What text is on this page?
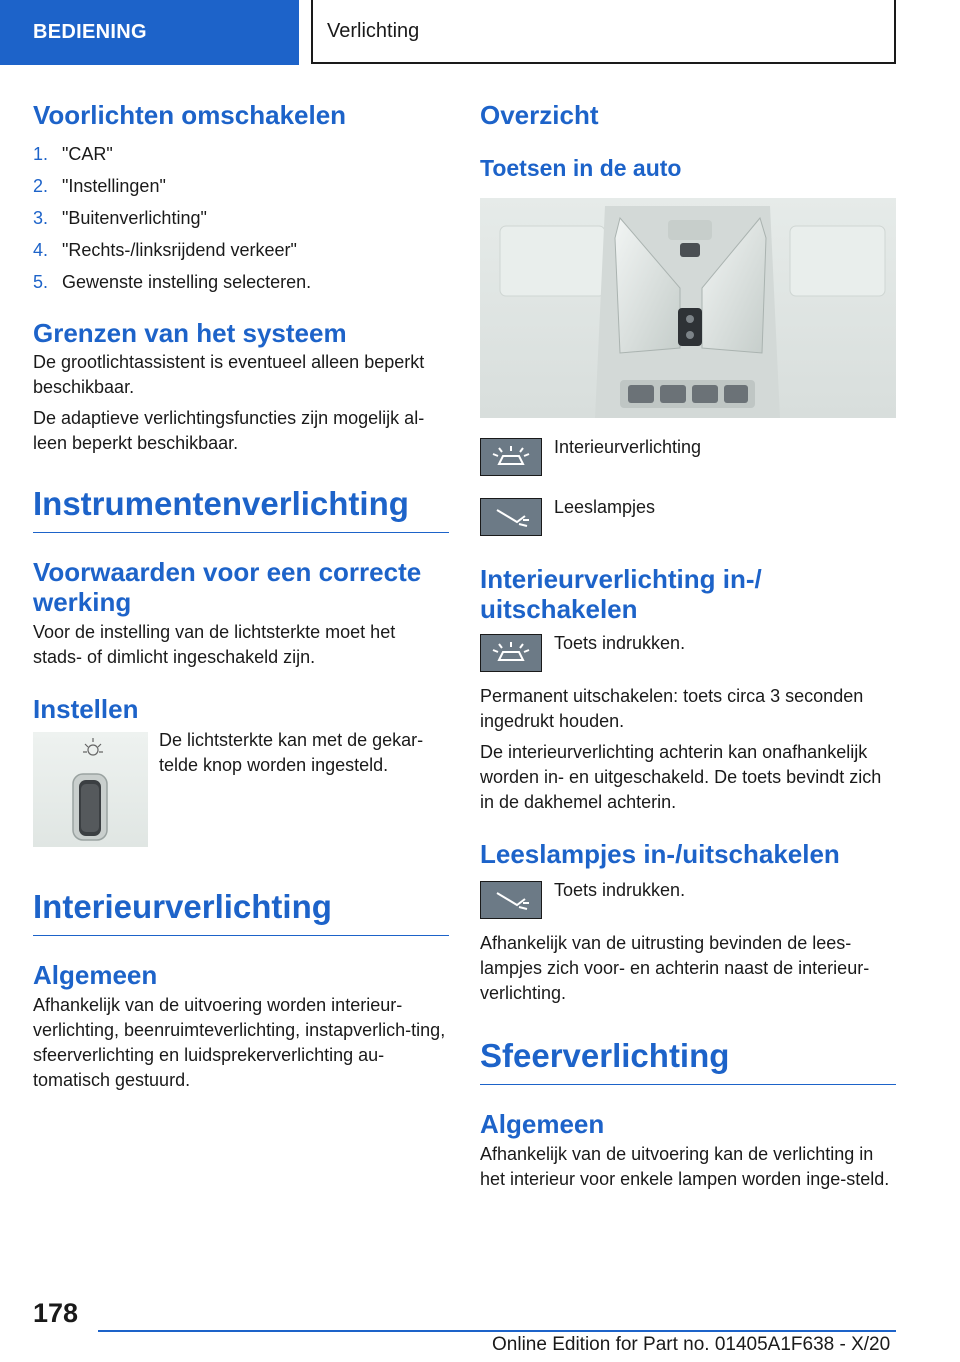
BEDIENING	Verlichting
Voorlichten omschakelen
1. "CAR"
2. "Instellingen"
3. "Buitenverlichting"
4. "Rechts-/linksrijdend verkeer"
5. Gewenste instelling selecteren.
Grenzen van het systeem

De grootlichtassistent is eventueel alleen beperkt beschikbaar.

De adaptieve verlichtingsfuncties zijn mogelijk al-leen beperkt beschikbaar.

Instrumentenverlichting
Voorwaarden voor een correcte werking

Voor de instelling van de lichtsterkte moet het stads- of dimlicht ingeschakeld zijn.

Instellen

De lichtsterkte kan met de gekar-telde knop worden ingesteld.

Interieurverlichting
Algemeen

Afhankelijk van de uitvoering worden interieur-verlichting, beenruimteverlichting, instapverlich-ting, sfeerverlichting en luidsprekerverlichting au-tomatisch gestuurd.

Overzicht
Toetsen in de auto
Interieurverlichting
Leeslampjes
Interieurverlichting in-/ uitschakelen
Toets indrukken.

Permanent uitschakelen: toets circa 3 seconden ingedrukt houden.

De interieurverlichting achterin kan onafhankelijk worden in- en uitgeschakeld. De toets bevindt zich in de dakhemel achterin.

Leeslampjes in-/uitschakelen
Toets indrukken.

Afhankelijk van de uitrusting bevinden de lees-lampjes zich voor- en achterin naast de interieur-verlichting.

Sfeerverlichting
Algemeen

Afhankelijk van de uitvoering kan de verlichting in het interieur voor enkele lampen worden inge-steld.

178
Online Edition for Part no. 01405A1F638 - X/20
